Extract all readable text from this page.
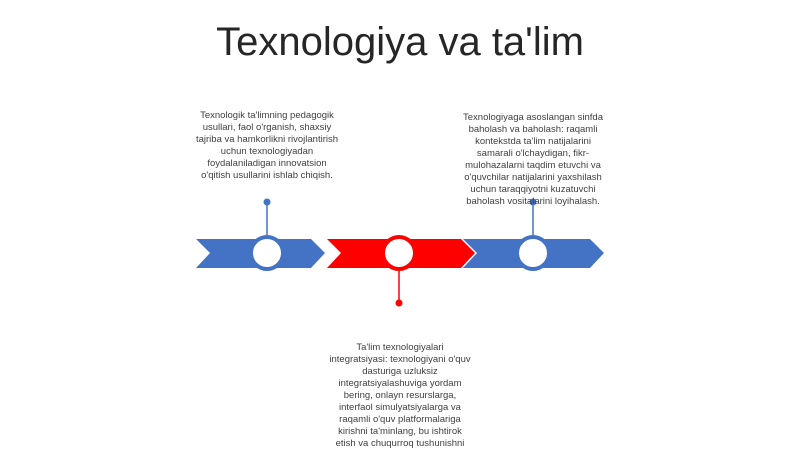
Texnologiya va ta'lim
Texnologik ta'limning pedagogik usullari, faol o'rganish, shaxsiy tajriba va hamkorlikni rivojlantirish uchun texnologiyadan foydalaniladigan innovatsion o'qitish usullarini ishlab chiqish.
Texnologiyaga asoslangan sinfda baholash va baholash: raqamli kontekstda ta'lim natijalarini samarali o'lchaydigan, fikr-mulohazalarni taqdim etuvchi va o'quvchilar natijalarini yaxshilash uchun taraqqiyotni kuzatuvchi baholash vositalarini loyihalash.
Ta'lim texnologiyalari integratsiyasi: texnologiyani o'quv dasturiga uzluksiz integratsiyalashuviga yordam bering, onlayn resurslarga, interfaol simulyatsiyalarga va raqamli o'quv platformalariga kirishni ta'minlang, bu ishtirok etish va chuqurroq tushunishni
